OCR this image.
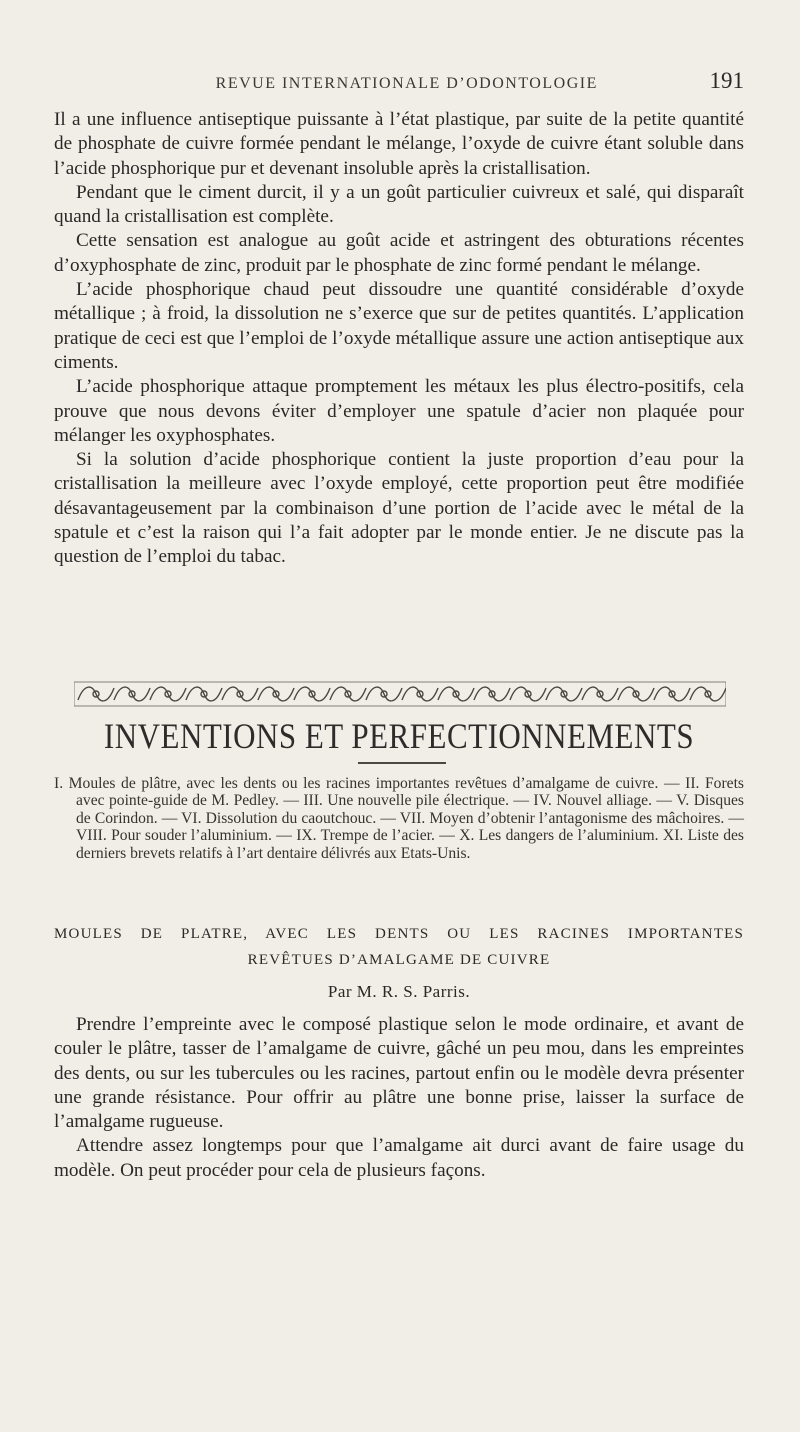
REVUE INTERNATIONALE D’ODONTOLOGIE	191

Il a une influence antiseptique puissante à l’état plastique, par suite de la petite quantité de phosphate de cuivre formée pendant le mélange, l’oxyde de cuivre étant soluble dans l’acide phosphorique pur et devenant insoluble après la cristallisation.

Pendant que le ciment durcit, il y a un goût particulier cuivreux et salé, qui disparaît quand la cristallisation est complète.

Cette sensation est analogue au goût acide et astringent des obturations récentes d’oxyphosphate de zinc, produit par le phosphate de zinc formé pendant le mélange.

L’acide phosphorique chaud peut dissoudre une quantité considérable d’oxyde métallique ; à froid, la dissolution ne s’exerce que sur de petites quantités. L’application pratique de ceci est que l’emploi de l’oxyde métallique assure une action antiseptique aux ciments.

L’acide phosphorique attaque promptement les métaux les plus électro-positifs, cela prouve que nous devons éviter d’employer une spatule d’acier non plaquée pour mélanger les oxyphosphates.

Si la solution d’acide phosphorique contient la juste proportion d’eau pour la cristallisation la meilleure avec l’oxyde employé, cette proportion peut être modifiée désavantageusement par la combinaison d’une portion de l’acide avec le métal de la spatule et c’est la raison qui l’a fait adopter par le monde entier. Je ne discute pas la question de l’emploi du tabac.

INVENTIONS ET PERFECTIONNEMENTS

I. Moules de plâtre, avec les dents ou les racines importantes revêtues d’amalgame de cuivre. — II. Forets avec pointe-guide de M. Pedley. — III. Une nouvelle pile électrique. — IV. Nouvel alliage. — V. Disques de Corindon. — VI. Dissolution du caoutchouc. — VII. Moyen d’obtenir l’antagonisme des mâchoires. — VIII. Pour souder l’aluminium. — IX. Trempe de l’acier. — X. Les dangers de l’aluminium. XI. Liste des derniers brevets relatifs à l’art dentaire délivrés aux Etats-Unis.

MOULES DE PLATRE, AVEC LES DENTS OU LES RACINES IMPORTANTES
REVÊTUES D’AMALGAME DE CUIVRE
Par M. R. S. Parris.

Prendre l’empreinte avec le composé plastique selon le mode ordinaire, et avant de couler le plâtre, tasser de l’amalgame de cuivre, gâché un peu mou, dans les empreintes des dents, ou sur les tubercules ou les racines, partout enfin ou le modèle devra présenter une grande résistance. Pour offrir au plâtre une bonne prise, laisser la surface de l’amalgame rugueuse.

Attendre assez longtemps pour que l’amalgame ait durci avant de faire usage du modèle. On peut procéder pour cela de plusieurs façons.
